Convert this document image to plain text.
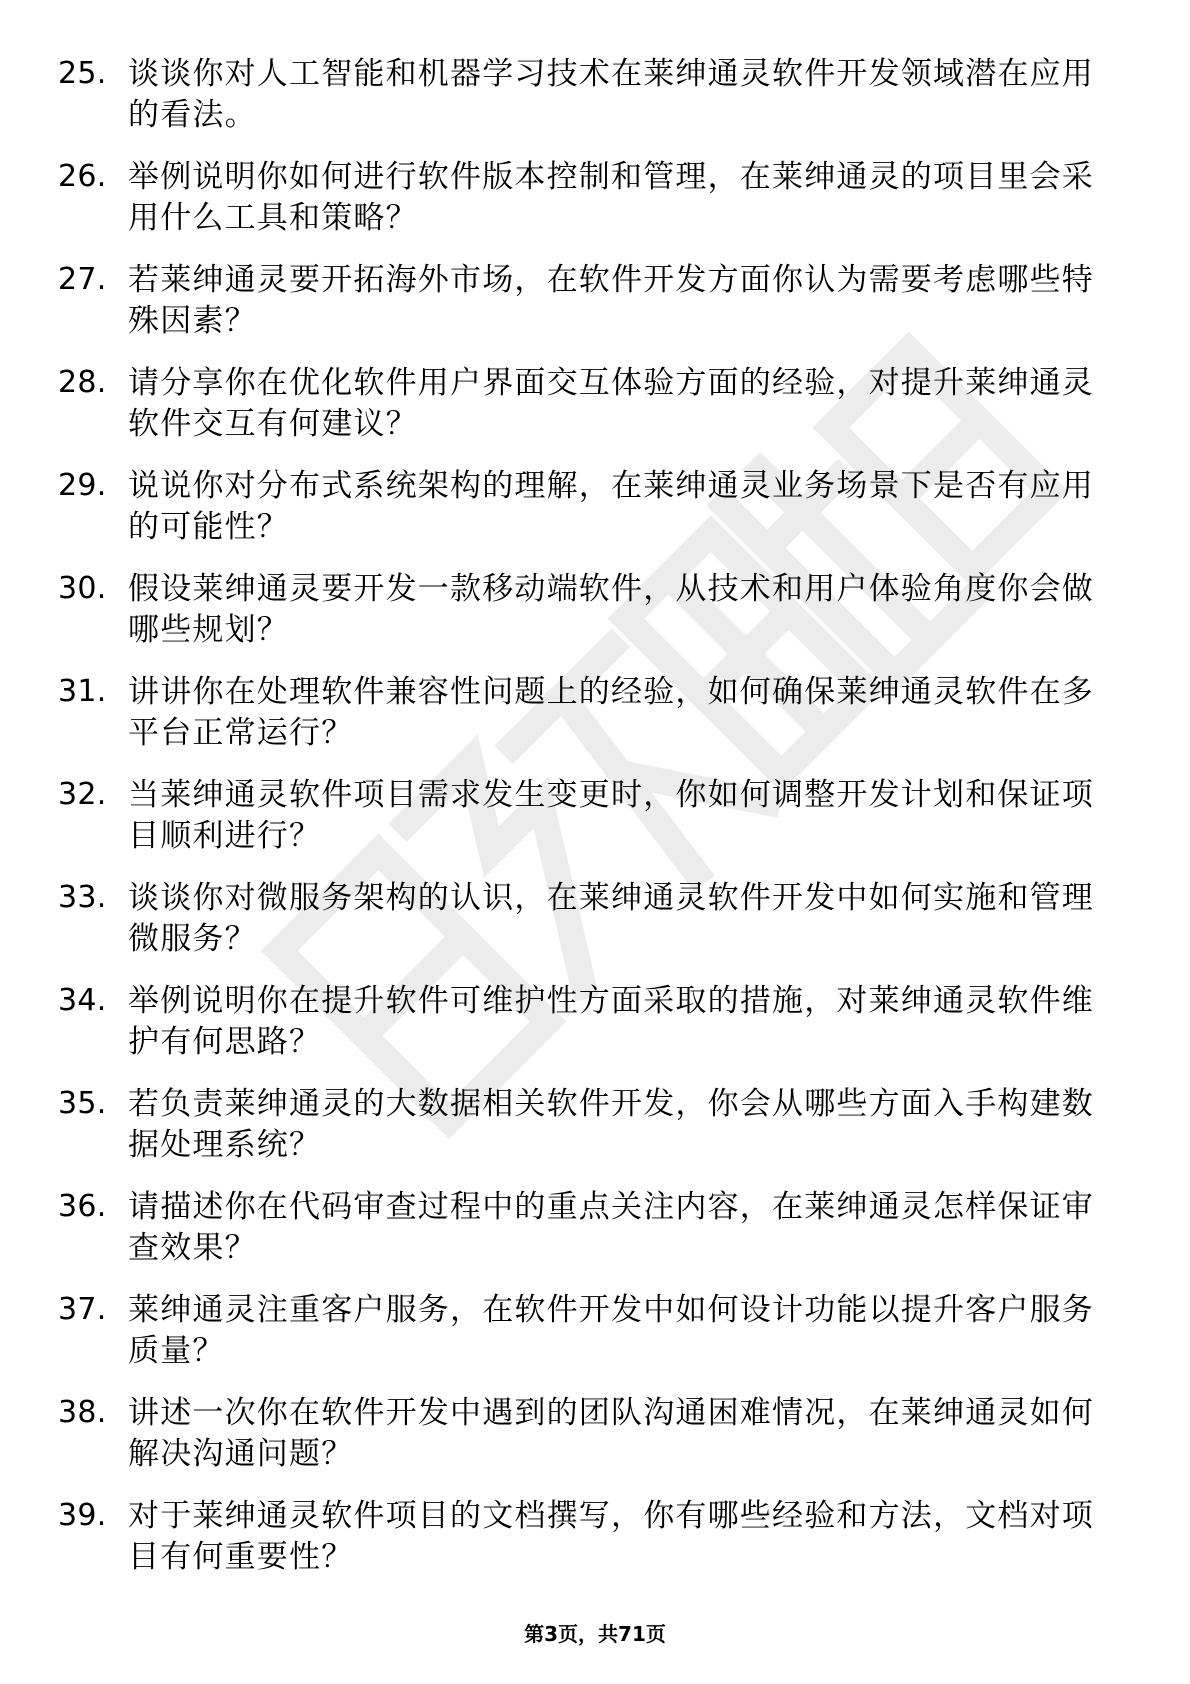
25. 谈谈你对人工智能和机器学习技术在莱绅通灵软件开发领域潜在应用的看法。
26. 举例说明你如何进行软件版本控制和管理，在莱绅通灵的项目里会采用什么工具和策略？
27. 若莱绅通灵要开拓海外市场，在软件开发方面你认为需要考虑哪些特殊因素？
28. 请分享你在优化软件用户界面交互体验方面的经验，对提升莱绅通灵软件交互有何建议？
29. 说说你对分布式系统架构的理解，在莱绅通灵业务场景下是否有应用的可能性？
30. 假设莱绅通灵要开发一款移动端软件，从技术和用户体验角度你会做哪些规划？
31. 讲讲你在处理软件兼容性问题上的经验，如何确保莱绅通灵软件在多平台正常运行？
32. 当莱绅通灵软件项目需求发生变更时，你如何调整开发计划和保证项目顺利进行？
33. 谈谈你对微服务架构的认识，在莱绅通灵软件开发中如何实施和管理微服务？
34. 举例说明你在提升软件可维护性方面采取的措施，对莱绅通灵软件维护有何思路？
35. 若负责莱绅通灵的大数据相关软件开发，你会从哪些方面入手构建数据处理系统？
36. 请描述你在代码审查过程中的重点关注内容，在莱绅通灵怎样保证审查效果？
37. 莱绅通灵注重客户服务，在软件开发中如何设计功能以提升客户服务质量？
38. 讲述一次你在软件开发中遇到的团队沟通困难情况，在莱绅通灵如何解决沟通问题？
39. 对于莱绅通灵软件项目的文档撰写，你有哪些经验和方法，文档对项目有何重要性？
第3页，共71页
